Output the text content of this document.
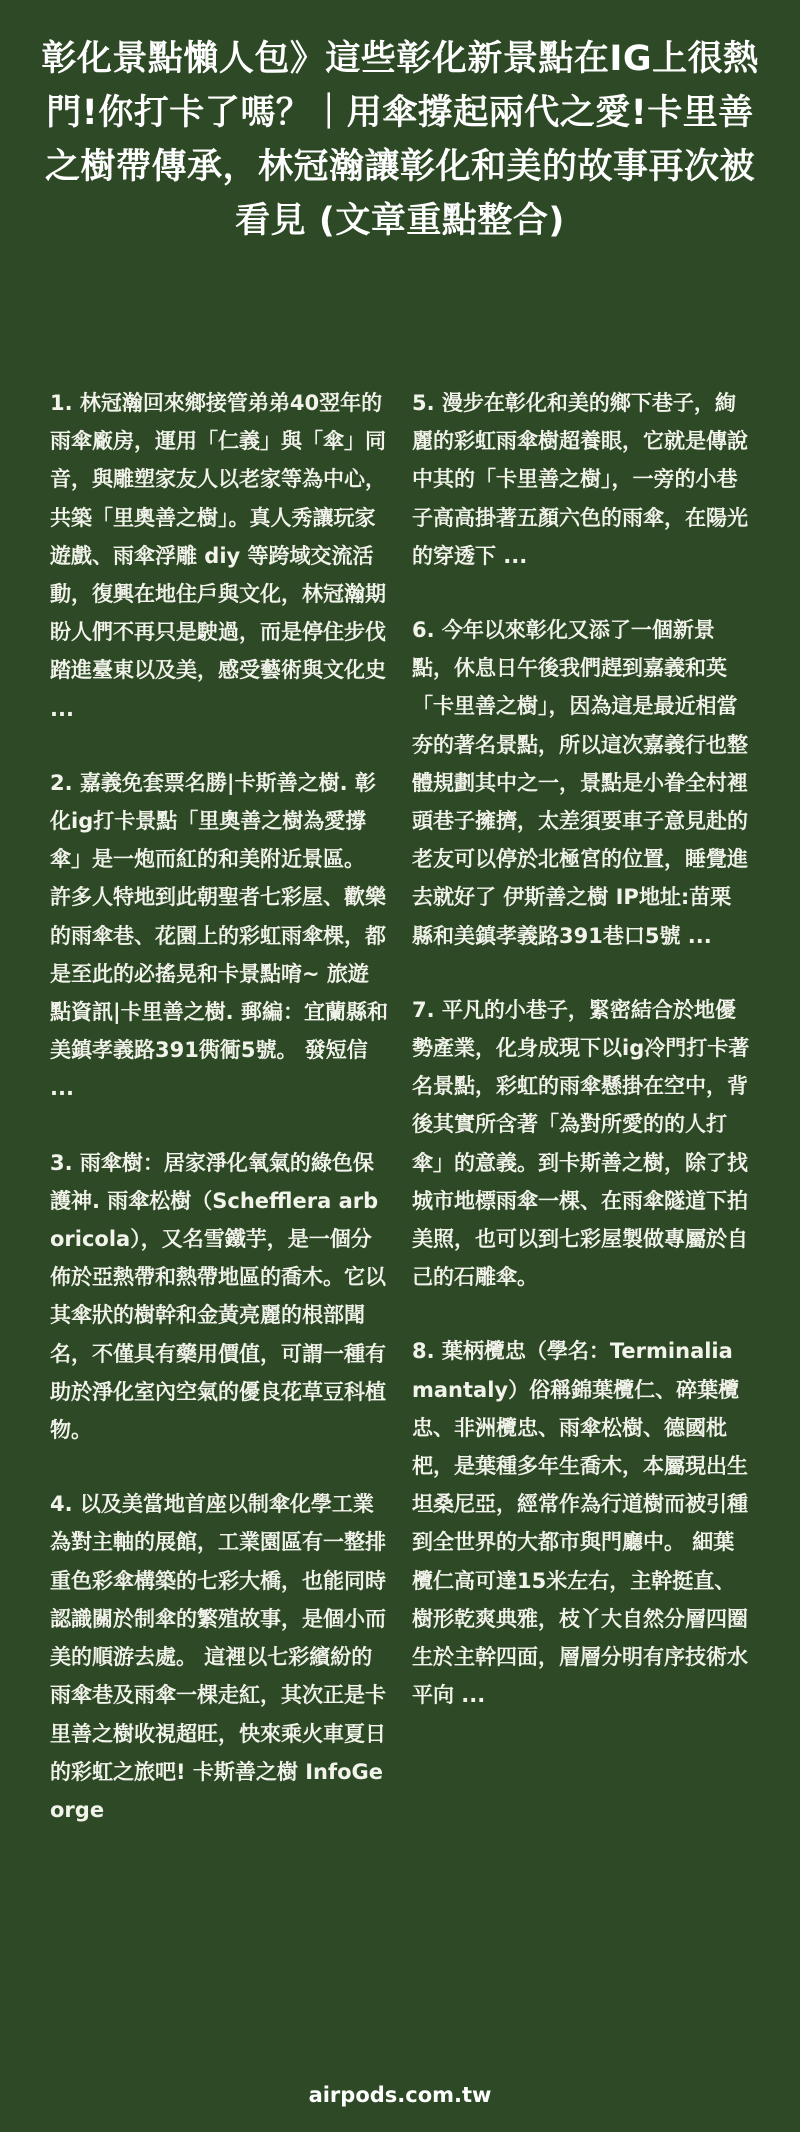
彰化景點懶人包》這些彰化新景點在IG上很熱門!你打卡了嗎？｜用傘撐起兩代之愛!卡里善之樹帶傳承，林冠瀚讓彰化和美的故事再次被看見 (文章重點整合)

1. 林冠瀚回來鄉接管弟弟40翌年的雨傘廠房，運用「仁義」與「傘」同音，與雕塑家友人以老家等為中心，共築「里奧善之樹」。真人秀讓玩家遊戲、雨傘浮雕 diy 等跨域交流活動，復興在地住戶與文化，林冠瀚期盼人們不再只是駛過，而是停住步伐踏進臺東以及美，感受藝術與文化史 ...

2. 嘉義免套票名勝|卡斯善之樹. 彰化ig打卡景點「里奧善之樹為愛撐傘」是一炮而紅的和美附近景區。 許多人特地到此朝聖者七彩屋、歡樂的雨傘巷、花園上的彩虹雨傘棵，都是至此的必搖晃和卡景點唷~ 旅遊點資訊|卡里善之樹. 郵編：宜蘭縣和美鎮孝義路391衖衕5號。 發短信 ...

3. 雨傘樹：居家淨化氧氣的綠色保護神. 雨傘松樹（Schefflera arboricola），又名雪鐵芋，是一個分佈於亞熱帶和熱帶地區的喬木。它以其傘狀的樹幹和金黃亮麗的根部聞名，不僅具有藥用價值，可謂一種有助於淨化室內空氣的優良花草豆科植物。

4. 以及美當地首座以制傘化學工業為對主軸的展館，工業園區有一整排重色彩傘構築的七彩大橋，也能同時認識關於制傘的繁殖故事，是個小而美的順游去處。 這裡以七彩繽紛的雨傘巷及雨傘一棵走紅，其次正是卡里善之樹收視超旺，快來乘火車夏日的彩虹之旅吧! 卡斯善之樹 InfoGeorge

5. 漫步在彰化和美的鄉下巷子，絢麗的彩虹雨傘樹超養眼，它就是傳說中其的「卡里善之樹」，一旁的小巷子高高掛著五顏六色的雨傘，在陽光的穿透下 ...

6. 今年以來彰化又添了一個新景點，休息日午後我們趕到嘉義和英「卡里善之樹」，因為這是最近相當夯的著名景點，所以這次嘉義行也整體規劃其中之一，景點是小眷全村裡頭巷子擁擠，太差須要車子意見赴的老友可以停於北極宮的位置，睡覺進去就好了 伊斯善之樹 IP地址:苗栗縣和美鎮孝義路391巷口5號 ...

7. 平凡的小巷子，緊密結合於地優勢產業，化身成現下以ig冷門打卡著名景點，彩虹的雨傘懸掛在空中，背後其實所含著「為對所愛的的人打傘」的意義。到卡斯善之樹，除了找城市地標雨傘一棵、在雨傘隧道下拍美照，也可以到七彩屋製做專屬於自己的石雕傘。

8. 葉柄欖忠（學名：Terminalia mantaly）俗稱錦葉欖仁、碎葉欖忠、非洲欖忠、雨傘松樹、德國枇杷，是葉種多年生喬木，本屬現出生坦桑尼亞，經常作為行道樹而被引種到全世界的大都市與門廳中。 細葉欖仁高可達15米左右，主幹挺直、樹形乾爽典雅，枝丫大自然分層四圈生於主幹四面，層層分明有序技術水平向 ...

airpods.com.tw
